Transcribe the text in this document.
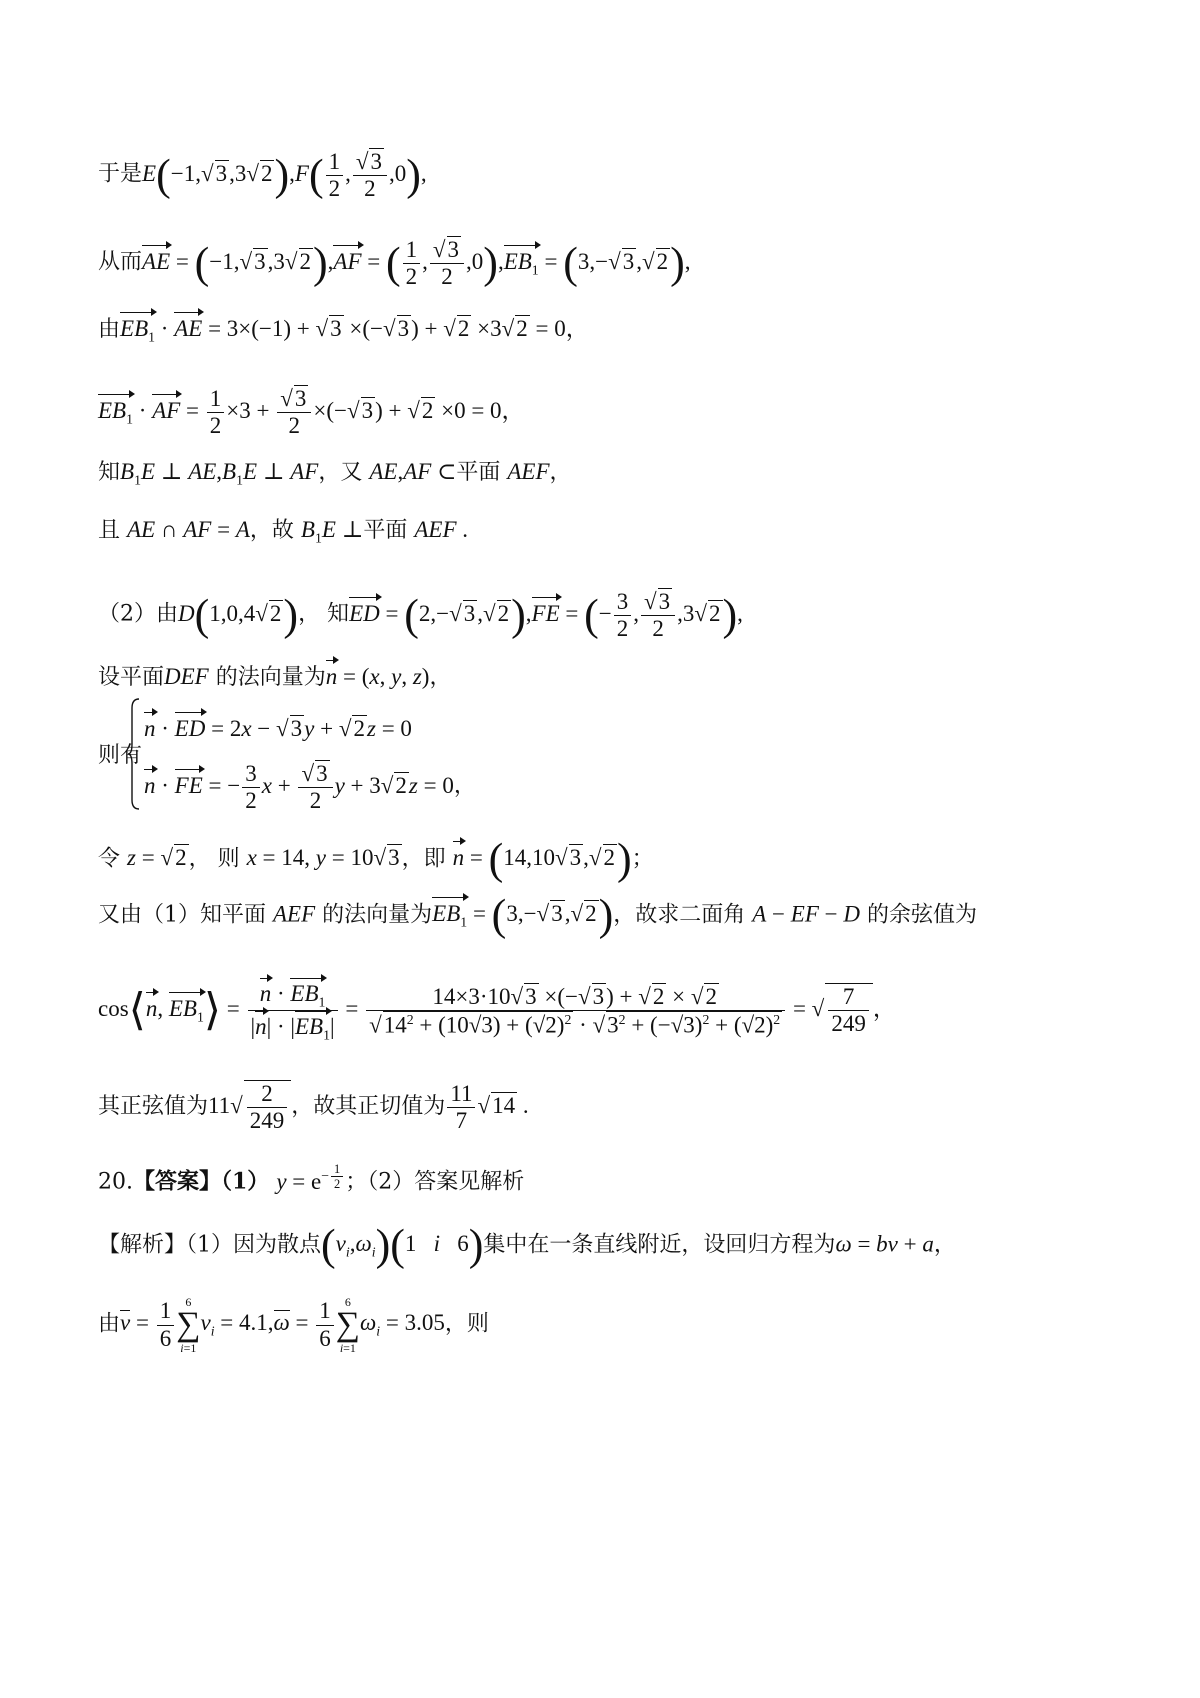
于是$E(-1,√3,3√2),F( \frac{1}{2}$ , $\frac{√3}{2} ,0$),
从而AE = (−1,√3,3√2),AF = ( $\frac{1}{2}$ , $\frac{√3}{2} ,0),EB_1 = (3,-√3,√2)$,
由$EB_1$ · AE = 3×(−1) + √3 ×(−√3) + √2 ×3√2 = 0，
$EB_1$ · AF = $\frac{1}{2} \times 3 + \frac{√3}{2} \times(-√3) + √2 \times 0 = 0$，
知$B_1E$ ⊥ $AE,B_1E$ ⊥ AF，又 AE,AF ⊂平面 AEF，
且 AE ∩ AF = A，故 $B_1E$ ⊥平面 AEF .
（2）由D(1,0,4√2)， 知ED = (2,−√3,√2),FE = (− $\frac{3}{2}$ , $\frac{√3}{2} ,3√2$),
设平面DEF 的法向量为n = (x, y, z)，
则有
n · ED = 2x − √3y + √2z = 0
n · FE = − $\frac{3}{2}$ $x + \frac{√3}{2}$ y + 3√2z = 0，
令 z = √2， 则 x = 14, y = 10√3，即 n = (14,10√3,√2)；
又由（1）知平面 AEF 的法向量为$EB_1 = (3,-√3,√2)$，故求二面角 A − EF − D 的余弦值为
cos⟨n, $EB_1⟩ = \frac{n \cdot EB_1}{|n| \cdot |EB_1|} = \frac{14\times 3\cdot 10√3 \times(-√3) + √2 \times √2}{√14^2 + (10√3) + (√2)^2 \cdot √3^2 + (-√3)^2 + (√2)^2}$ = √ $\frac{7}{249}$ ，
其正弦值为$11√ \frac{2}{249}$ ，故其正切值为 $\frac{11}{7} √14$ .
20.【答案】（1） $y = e^{- \frac{1}{2}}$ ；（2）答案见解析
【解析】（1）因为散点$(v_i,\omega_i)(1$   i   6)集中在一条直线附近，设回归方程为ω = bv + a，
由$v = \frac{1}{6} 6$
∑
i=1
$v_i = 4.1,\omega = \frac{1}{6} 6$
∑
i=1
$\omega_i = 3.05$，则
